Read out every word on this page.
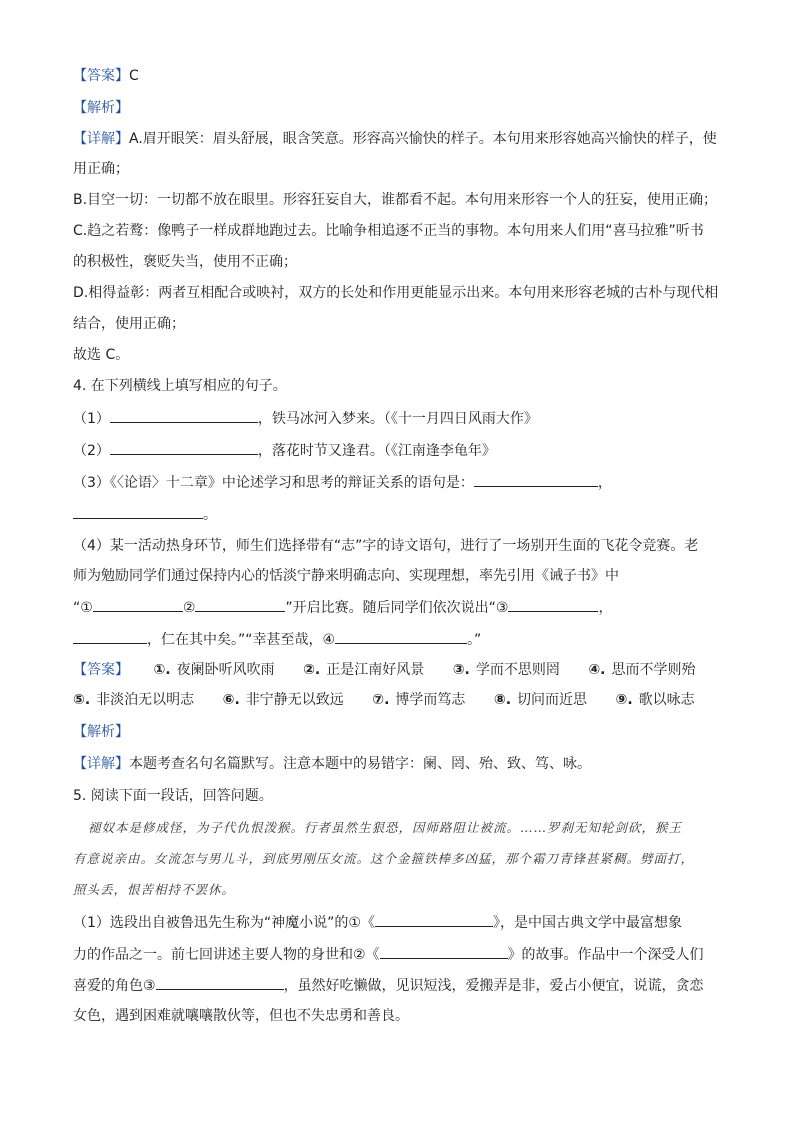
【答案】C
【解析】
【详解】A.眉开眼笑：眉头舒展，眼含笑意。形容高兴愉快的样子。本句用来形容她高兴愉快的样子，使
用正确；
B.目空一切：一切都不放在眼里。形容狂妄自大，谁都看不起。本句用来形容一个人的狂妄，使用正确；
C.趋之若鹜：像鸭子一样成群地跑过去。比喻争相追逐不正当的事物。本句用来人们用“喜马拉雅”听书
的积极性，褒贬失当，使用不正确；
D.相得益彰：两者互相配合或映衬，双方的长处和作用更能显示出来。本句用来形容老城的古朴与现代相
结合，使用正确；
故选 C。
4. 在下列横线上填写相应的句子。
（1）	，铁马冰河入梦来。（《十一月四日风雨大作》
（2）	，落花时节又逢君。（《江南逢李龟年》
（3）《〈论语〉十二章》中论述学习和思考的辩证关系的语句是：	，
。
（4）某一活动热身环节，师生们选择带有“志”字的诗文语句，进行了一场别开生面的飞花令竞赛。老
师为勉励同学们通过保持内心的恬淡宁静来明确志向、实现理想，率先引用《诫子书》中
“①	②	”开启比赛。随后同学们依次说出“③	，
，仁在其中矣。”“幸甚至哉，④	。”
【答案】 ①. 夜阑卧听风吹雨 ②. 正是江南好风景 ③. 学而不思则罔 ④. 思而不学则殆
⑤. 非淡泊无以明志 ⑥. 非宁静无以致远 ⑦. 博学而笃志 ⑧. 切问而近思 ⑨. 歌以咏志
【解析】
【详解】本题考查名句名篇默写。注意本题中的易错字：阑、罔、殆、致、笃、咏。
5. 阅读下面一段话，回答问题。
褪奴本是修成怪，为子代仇恨泼猴。行者虽然生狠恐，因师路阻让被流。……罗刹无知轮剑砍，猴王
有意说亲由。女流怎与男儿斗，到底男刚压女流。这个金箍铁棒多凶猛，那个霜刀青锋甚紧稠。劈面打，
照头丢，恨苦相持不罢休。
（1）选段出自被鲁迅先生称为“神魔小说”的①《	》，是中国古典文学中最富想象
力的作品之一。前七回讲述主要人物的身世和②《	》的故事。作品中一个深受人们
喜爱的角色③	，虽然好吃懒做，见识短浅，爱搬弄是非，爱占小便宜，说谎，贪恋
女色，遇到困难就嚷嚷散伙等，但也不失忠勇和善良。
